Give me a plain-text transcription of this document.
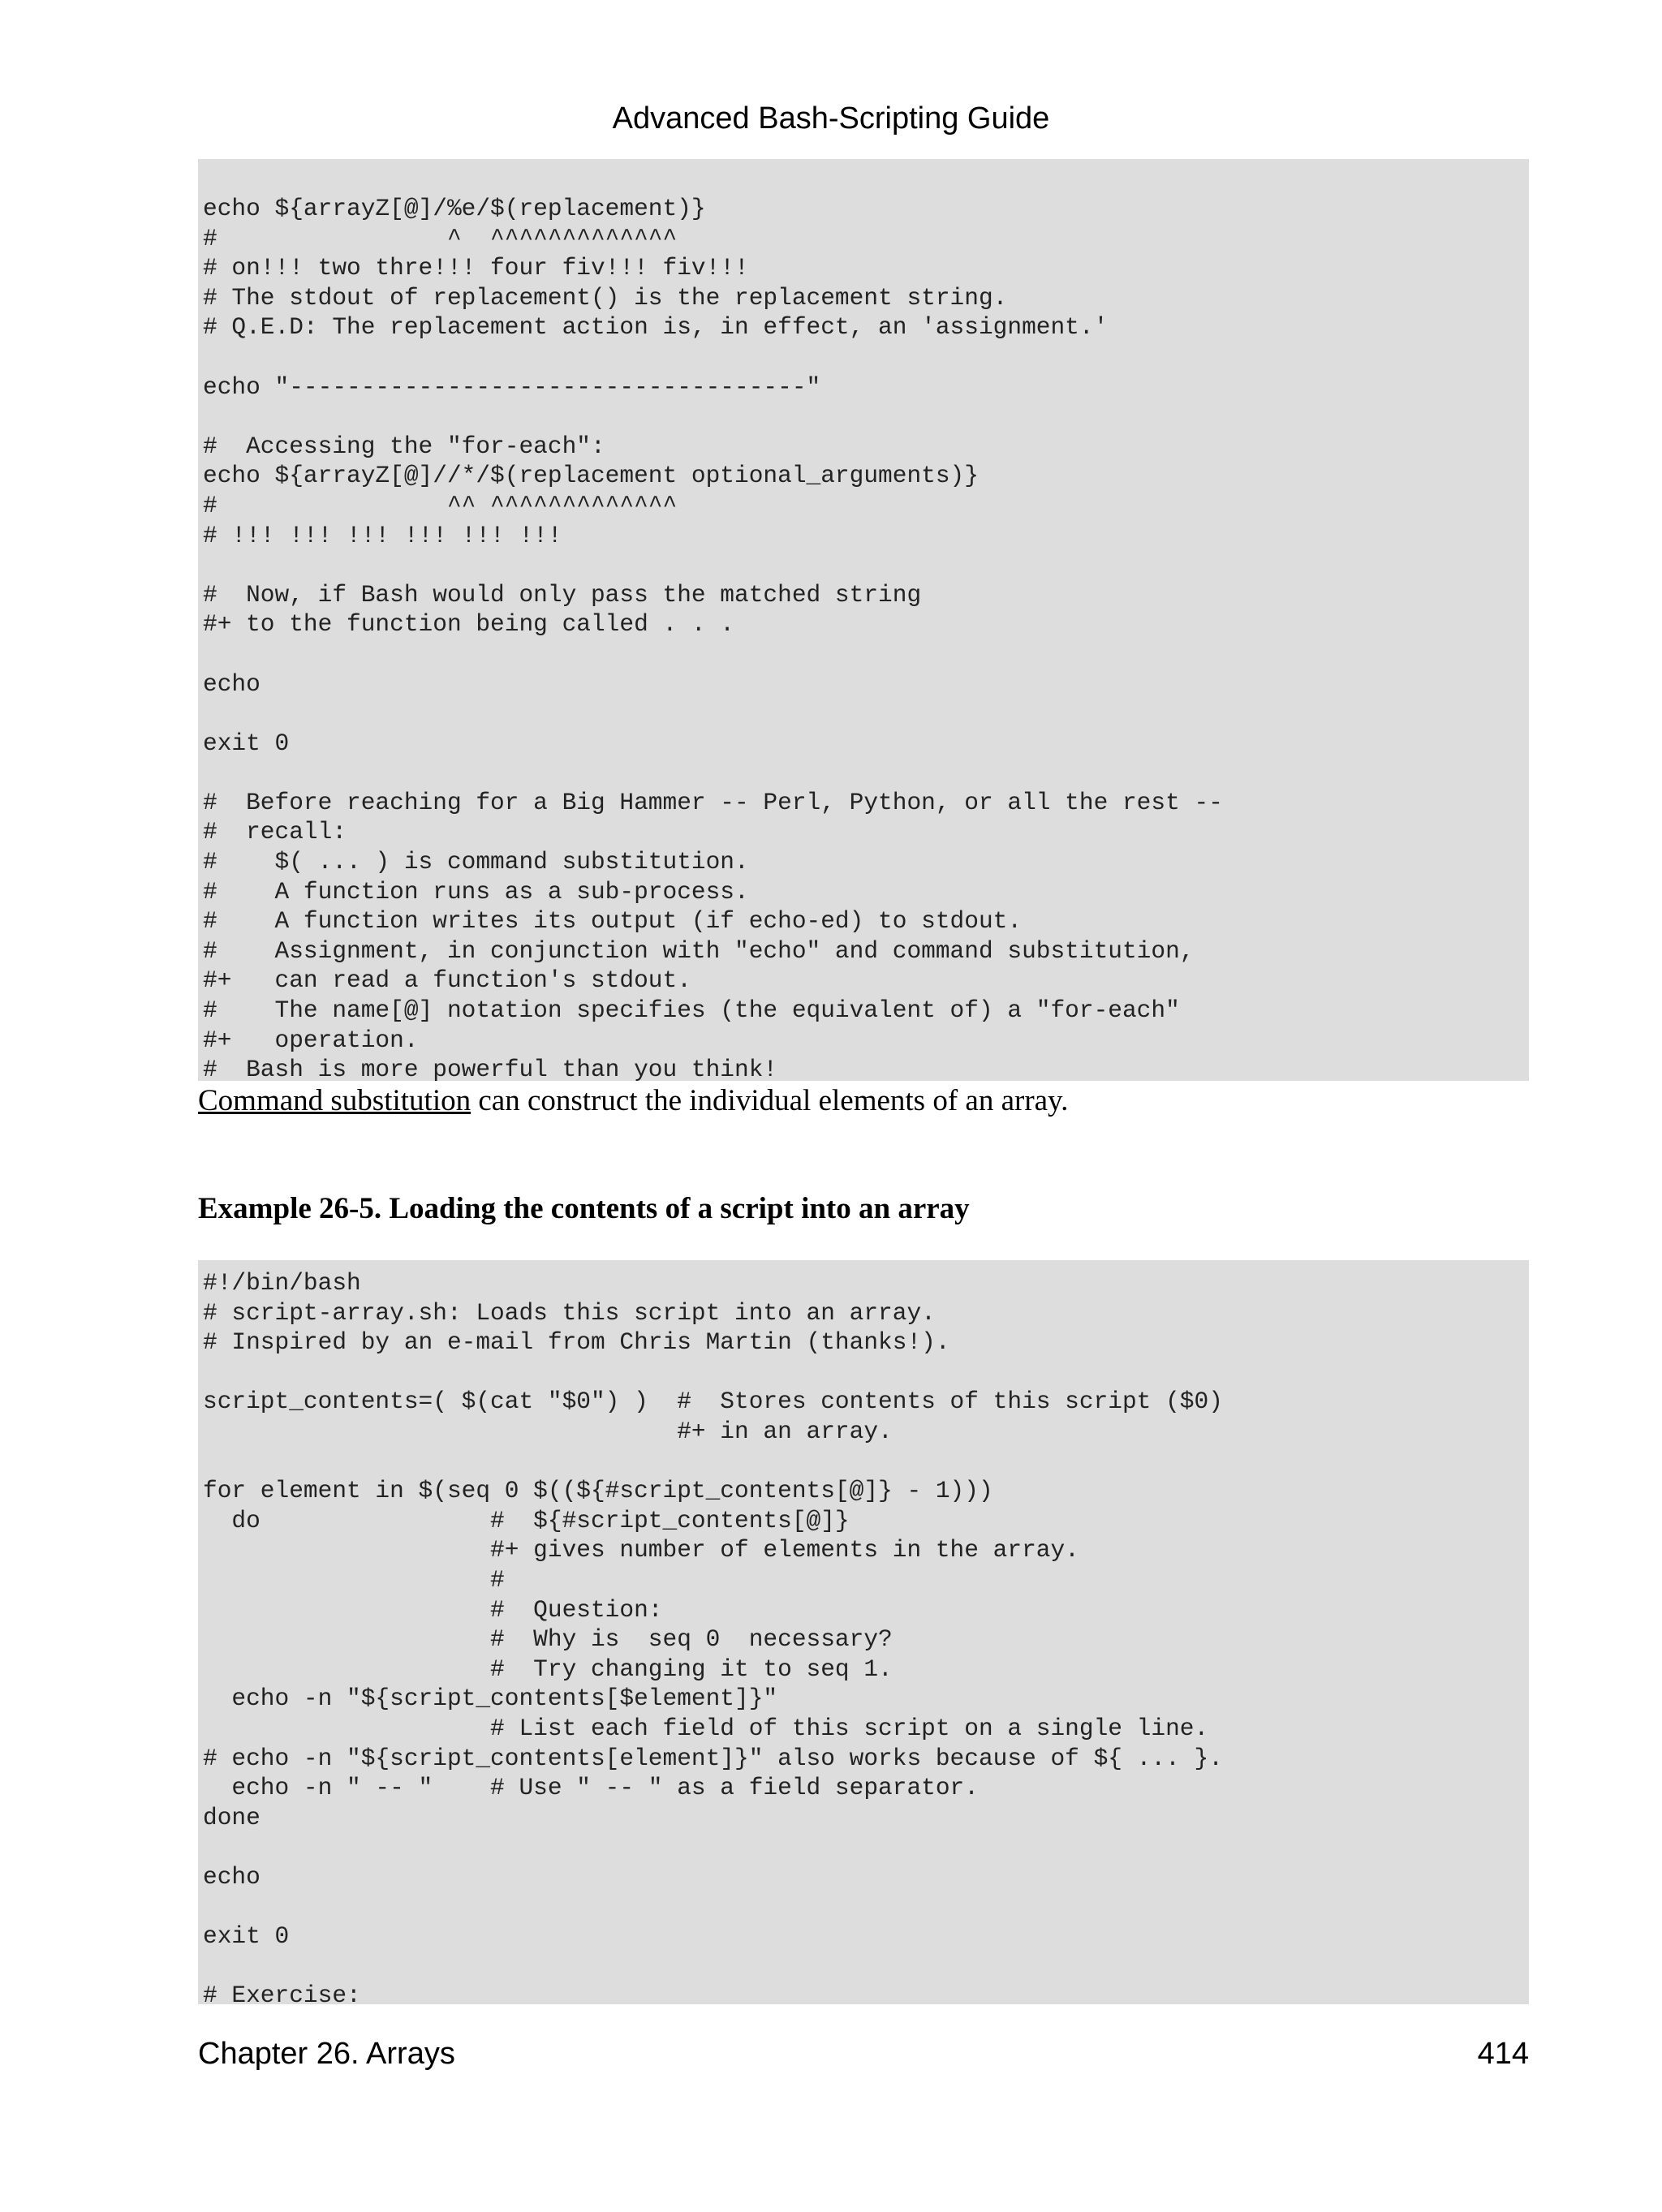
Advanced Bash-Scripting Guide
echo ${arrayZ[@]/%e/$(replacement)}
#                ^  ^^^^^^^^^^^^^
# on!!! two thre!!! four fiv!!! fiv!!!
# The stdout of replacement() is the replacement string.
# Q.E.D: The replacement action is, in effect, an 'assignment.'
echo "------------------------------------"
#  Accessing the "for-each":
echo ${arrayZ[@]//*/$(replacement optional_arguments)}
#                ^^ ^^^^^^^^^^^^^
# !!! !!! !!! !!! !!! !!!
#  Now, if Bash would only pass the matched string
#+ to the function being called . . .
echo
exit 0
#  Before reaching for a Big Hammer -- Perl, Python, or all the rest --
#  recall:
#    $( ... ) is command substitution.
#    A function runs as a sub-process.
#    A function writes its output (if echo-ed) to stdout.
#    Assignment, in conjunction with "echo" and command substitution,
#+   can read a function's stdout.
#    The name[@] notation specifies (the equivalent of) a "for-each"
#+   operation.
#  Bash is more powerful than you think!

Command substitution can construct the individual elements of an array.

Example 26-5. Loading the contents of a script into an array

#!/bin/bash
# script-array.sh: Loads this script into an array.
# Inspired by an e-mail from Chris Martin (thanks!).
script_contents=( $(cat "$0") )  #  Stores contents of this script ($0)
#+ in an array.
for element in $(seq 0 $((${#script_contents[@]} - 1)))
do                #  ${#script_contents[@]}
#+ gives number of elements in the array.
#
#  Question:
#  Why is  seq 0  necessary?
#  Try changing it to seq 1.
echo -n "${script_contents[$element]}"
# List each field of this script on a single line.
# echo -n "${script_contents[element]}" also works because of ${ ... }.
echo -n " -- "    # Use " -- " as a field separator.
done
echo
exit 0
# Exercise:
Chapter 26. Arrays	414
